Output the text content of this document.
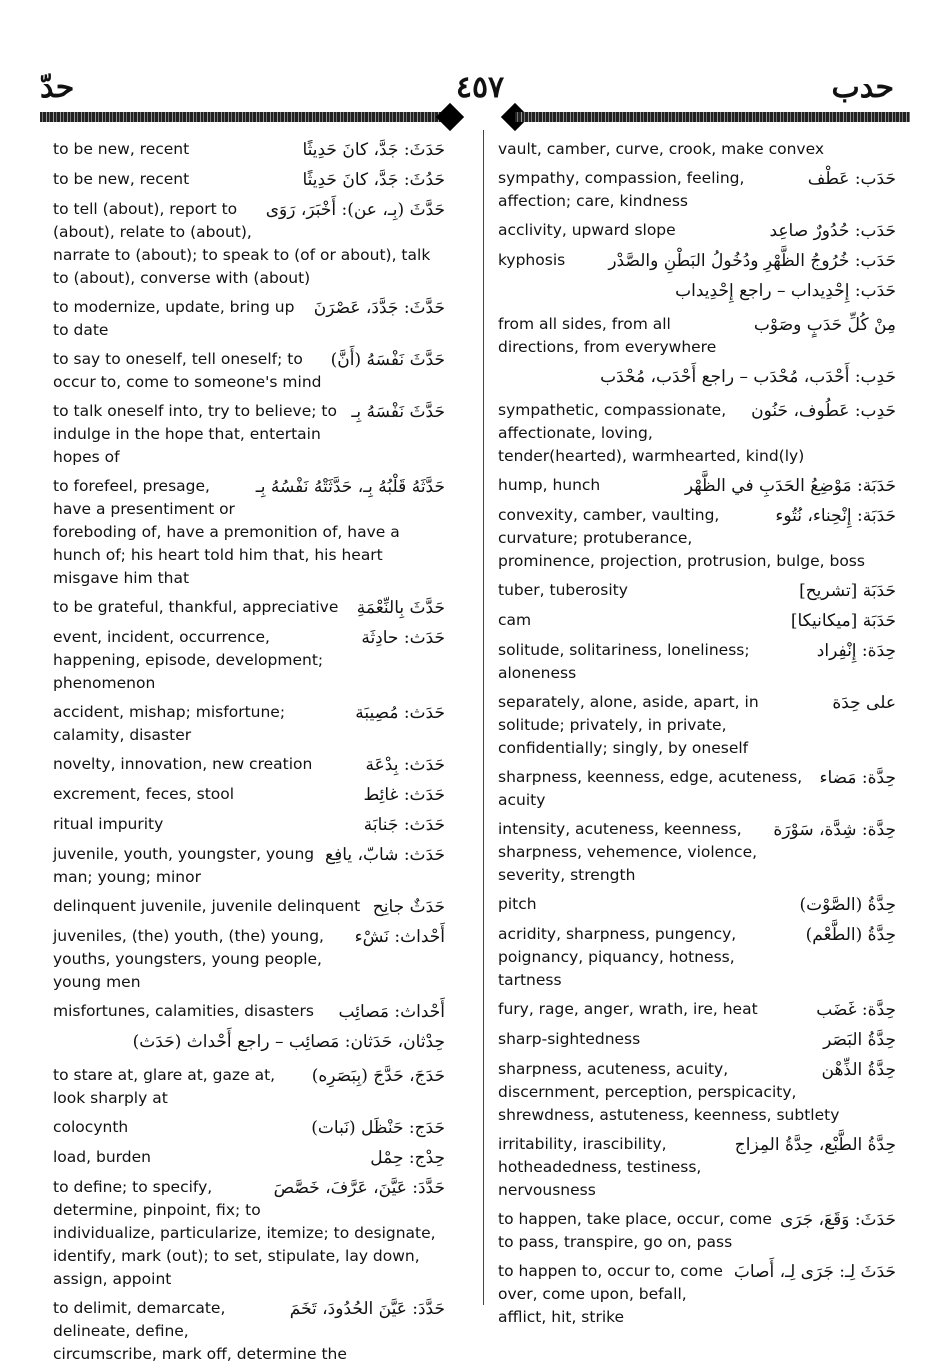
حدّ	٤٥٧	حدب
حَدَثَ: جَدَّ، كانَ حَدِيثًا
to be new, recent
حَدُثَ: جَدَّ، كانَ حَدِيثًا
to be new, recent
حَدَّثَ (بِـ، عن): أَخْبَرَ، رَوَى
to tell (about), report to (about), relate to (about), narrate to (about); to speak to (of or about), talk to (about), converse with (about)
حَدَّثَ: جَدَّدَ، عَصْرَنَ
to modernize, update, bring up to date
حَدَّثَ نَفْسَهُ (أَنَّ)
to say to oneself, tell oneself; to occur to, come to someone's mind
حَدَّثَ نَفْسَهُ بِـ
to talk oneself into, try to believe; to indulge in the hope that, entertain hopes of
حَدَّثَهُ قَلْبُهُ بِـ، حَدَّثَتْهُ نَفْسُهُ بِـ
to forefeel, presage, have a presentiment or foreboding of, have a premonition of, have a hunch of; his heart told him that, his heart misgave him that
حَدَّثَ بِالنِّعْمَةِ
to be grateful, thankful, appreciative
حَدَث: حادِثَة
event, incident, occurrence, happening, episode, development; phenomenon
حَدَث: مُصِيبَة
accident, mishap; misfortune; calamity, disaster
حَدَث: بِدْعَة
novelty, innovation, new creation
حَدَث: غائِط
excrement, feces, stool
حَدَث: جَنابَة
ritual impurity
حَدَث: شابّ، يافِع
juvenile, youth, youngster, young man; young; minor
حَدَثٌ جانِح
delinquent juvenile, juvenile delinquent
أَحْداث: نَشْء
juveniles, (the) youth, (the) young, youths, youngsters, young people, young men
أَحْداث: مَصائِب
misfortunes, calamities, disasters
حِدْثان، حَدَثان: مَصائِب – راجع أَحْداث (حَدَث)
حَدَجَ، حَدَّجَ (بِبَصَرِه)
to stare at, glare at, gaze at, look sharply at
حَدَج: حَنْظَل (نَبات)
colocynth
حِدْج: حِمْل
load, burden
حَدَّدَ: عَيَّنَ، عَرَّفَ، خَصَّصَ
to define; to specify, determine, pinpoint, fix; to individualize, particularize, itemize; to designate, identify, mark (out); to set, stipulate, lay down, assign, appoint
حَدَّدَ: عَيَّنَ الحُدُودَ، تَخَمَ
to delimit, demarcate, delineate, define, circumscribe, mark off, determine the
vault, camber, curve, crook, make convex
حَدَب: عَطْف
sympathy, compassion, feeling, affection; care, kindness
حَدَب: حُدُورٌ صاعِد
acclivity, upward slope
حَدَب: خُرُوجُ الظَّهْرِ ودُخُولُ البَطْنِ والصَّدْر
kyphosis
حَدَب: إِحْدِيداب – راجع إِحْدِيداب
مِنْ كُلِّ حَدَبٍ وصَوْب
from all sides, from all directions, from everywhere
حَدِب: أَحْدَب، مُحْدَب – راجع أَحْدَب، مُحْدَب
حَدِب: عَطُوف، حَنُون
sympathetic, compassionate, affectionate, loving, tender(hearted), warmhearted, kind(ly)
حَدَبَة: مَوْضِعُ الحَدَبِ في الظَّهْر
hump, hunch
حَدَبَة: إِنْحِناء، نُتُوء
convexity, camber, vaulting, curvature; protuberance, prominence, projection, protrusion, bulge, boss
حَدَبَة [تشريح]
tuber, tuberosity
حَدَبَة [ميكانيكا]
cam
حِدَة: إِنْفِراد
solitude, solitariness, loneliness; aloneness
على حِدَة
separately, alone, aside, apart, in solitude; privately, in private, confidentially; singly, by oneself
حِدَّة: مَضاء
sharpness, keenness, edge, acuteness, acuity
حِدَّة: شِدَّة، سَوْرَة
intensity, acuteness, keenness, sharpness, vehemence, violence, severity, strength
حِدَّةُ (الصَّوْت)
pitch
حِدَّةُ (الطَّعْم)
acridity, sharpness, pungency, poignancy, piquancy, hotness, tartness
حِدَّة: غَضَب
fury, rage, anger, wrath, ire, heat
حِدَّةُ البَصَر
sharp-sightedness
حِدَّةُ الذِّهْن
sharpness, acuteness, acuity, discernment, perception, perspicacity, shrewdness, astuteness, keenness, subtlety
حِدَّةُ الطَّبْع، حِدَّةُ المِزاج
irritability, irascibility, hotheadedness, testiness, nervousness
حَدَثَ: وَقَعَ، جَرَى
to happen, take place, occur, come to pass, transpire, go on, pass
حَدَثَ لِـ: جَرَى لِـ، أَصابَ
to happen to, occur to, come over, come upon, befall, afflict, hit, strike
